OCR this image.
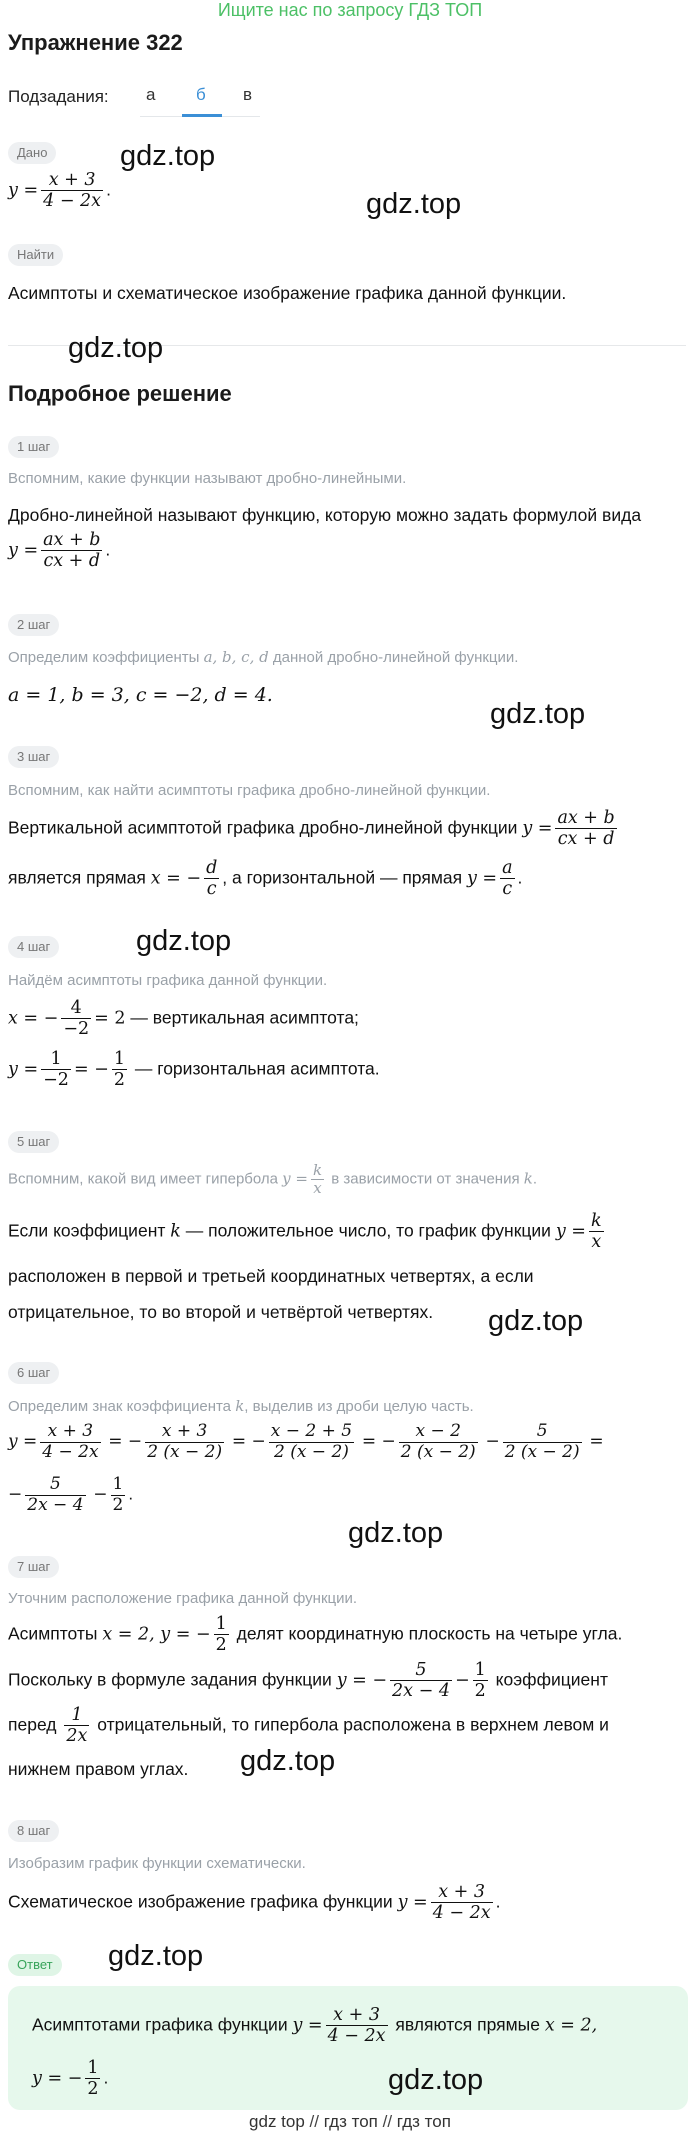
Ищите нас по запросу ГДЗ ТОП
Упражнение 322
Подзадания: а б в
Дано
$y = \frac{x + 3}{4 - 2x}$ .
Найти
Асимптоты и схематическое изображение графика данной функции.
Подробное решение
1 шаг
Вспомним, какие функции называют дробно-линейными.
Дробно-линейной называют функцию, которую можно задать формулой вида
$y = \frac{ax + b}{cx + d}$ .
2 шаг
Определим коэффициенты a, b, c, d данной дробно-линейной функции.
a = 1, b = 3, c = −2, d = 4.
3 шаг
Вспомним, как найти асимптоты графика дробно-линейной функции.
Вертикальной асимптотой графика дробно-линейной функции $y = \frac{ax + b}{cx + d}$
является прямая x = − $\frac{d}{c}$ , а горизонтальной — прямая $y = \frac{a}{c}$ .
4 шаг
Найдём асимптоты графика данной функции.
x = − $\frac{4}{-2} = 2$ — вертикальная асимптота;
$y = \frac{1}{-2}$ = − $\frac{1}{2}$ — горизонтальная асимптота.
5 шаг
Вспомним, какой вид имеет гипербола $y = \frac{k}{x}$ в зависимости от значения k.
Если коэффициент k — положительное число, то график функции $y = \frac{k}{x}$
расположен в первой и третьей координатных четвертях, а если
отрицательное, то во второй и четвёртой четвертях.
6 шаг
Определим знак коэффициента k, выделив из дроби целую часть.
$y = \frac{x + 3}{4 - 2x}$ = − $\frac{x + 3}{2 (x - 2)}$ = − $\frac{x - 2 + 5}{2 (x - 2)}$ = − $\frac{x - 2}{2 (x - 2)} - \frac{5}{2 (x - 2)}$ =
− $\frac{5}{2x - 4} - \frac{1}{2}$ .
7 шаг
Уточним расположение графика данной функции.
Асимптоты x = 2, y = − $\frac{1}{2}$ делят координатную плоскость на четыре угла.
Поскольку в формуле задания функции y = − $\frac{5}{2x - 4} - \frac{1}{2}$ коэффициент
перед $\frac{1}{2x}$ отрицательный, то гипербола расположена в верхнем левом и
нижнем правом углах.
8 шаг
Изобразим график функции схематически.
Схематическое изображение графика функции $y = \frac{x + 3}{4 - 2x}$ .
Ответ
Асимптотами графика функции $y = \frac{x + 3}{4 - 2x}$ являются прямые x = 2,
y = − $\frac{1}{2}$ .
gdz.top
gdz.top
gdz.top
gdz.top
gdz.top
gdz.top
gdz.top
gdz.top
gdz.top
gdz.top
gdz top // гдз топ // гдз топ
